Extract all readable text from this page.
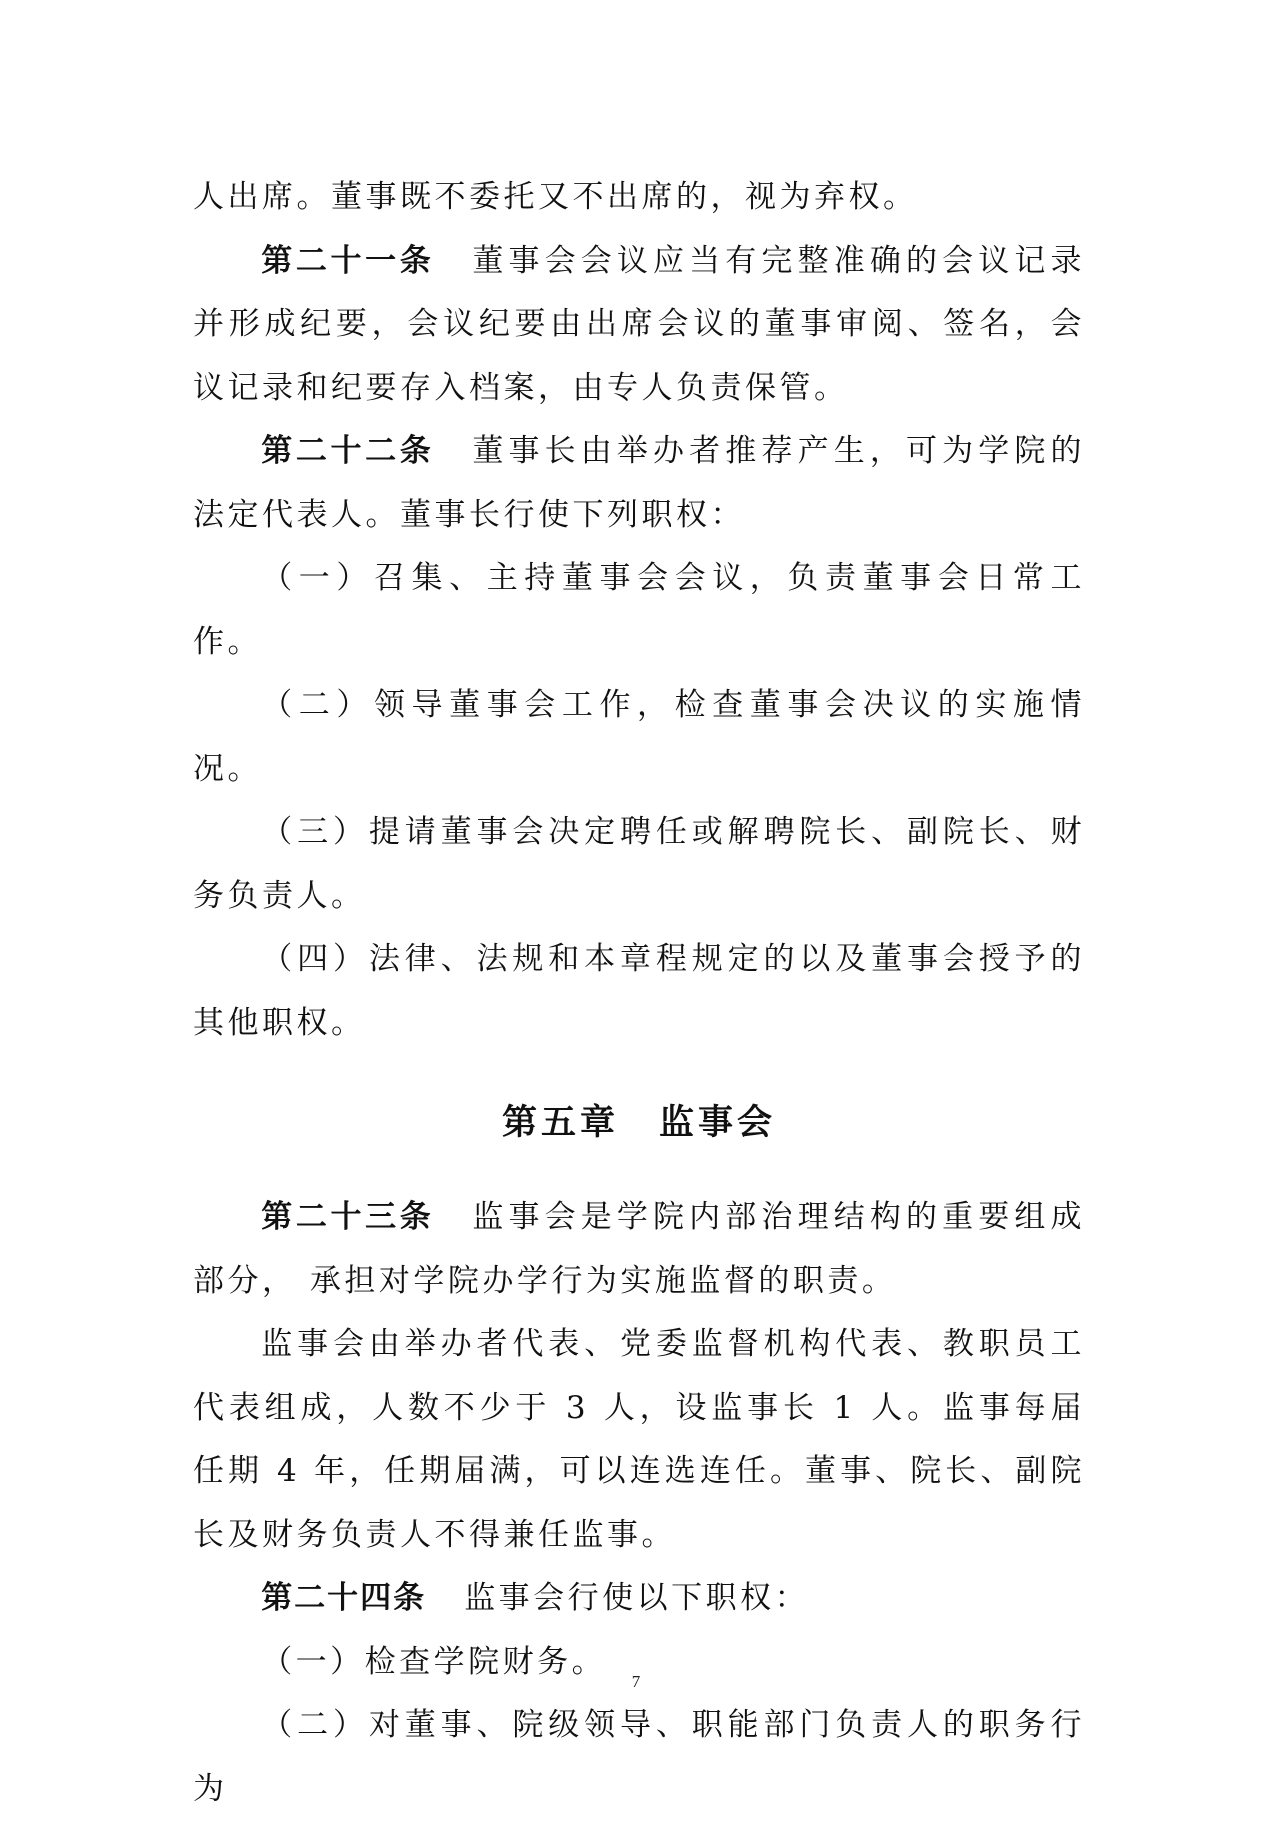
人出席。董事既不委托又不出席的，视为弃权。

第二十一条 董事会会议应当有完整准确的会议记录并形成纪要，会议纪要由出席会议的董事审阅、签名，会议记录和纪要存入档案，由专人负责保管。

第二十二条 董事长由举办者推荐产生，可为学院的法定代表人。董事长行使下列职权：

（一）召集、主持董事会会议，负责董事会日常工作。

（二）领导董事会工作，检查董事会决议的实施情况。

（三）提请董事会决定聘任或解聘院长、副院长、财务负责人。

（四）法律、法规和本章程规定的以及董事会授予的其他职权。

第五章 监事会

第二十三条 监事会是学院内部治理结构的重要组成部分， 承担对学院办学行为实施监督的职责。

监事会由举办者代表、党委监督机构代表、教职员工代表组成，人数不少于 3 人，设监事长 1 人。监事每届任期 4 年，任期届满，可以连选连任。董事、院长、副院长及财务负责人不得兼任监事。

第二十四条 监事会行使以下职权：

（一）检查学院财务。

（二）对董事、院级领导、职能部门负责人的职务行为

7
